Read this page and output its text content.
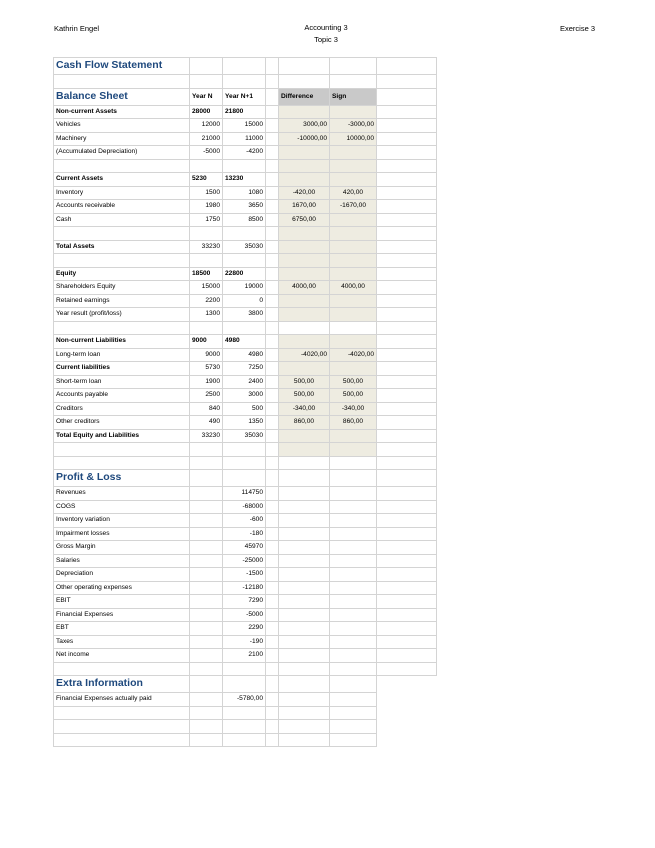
Kathrin Engel	Accounting 3
Topic 3
Exercise 3
Cash Flow Statement
Balance Sheet	Year N	Year N+1	Difference	Sign
Non-current Assets	28000	21800
Vehicles	12000	15000	3000,00	-3000,00
Machinery	21000	11000	-10000,00	10000,00
(Accumulated Depreciation)	-5000	-4200
Current Assets	5230	13230
Inventory	1500	1080	-420,00	420,00
Accounts receivable	1980	3650	1670,00	-1670,00
Cash	1750	8500	6750,00
Total Assets	33230	35030
Equity	18500	22800
Shareholders Equity	15000	19000	4000,00	4000,00
Retained earnings	2200	0
Year result (profit/loss)	1300	3800
Non-current Liabilities	9000	4980
Long-term loan	9000	4980	-4020,00	-4020,00
Current liabilities	5730	7250
Short-term loan	1900	2400	500,00	500,00
Accounts payable	2500	3000	500,00	500,00
Creditors	840	500	-340,00	-340,00
Other creditors	490	1350	860,00	860,00
Total Equity and Liabilities	33230	35030
Profit & Loss
Revenues	114750
COGS	-68000
Inventory variation	-600
Impairment losses	-180
Gross Margin	45970
Salaries	-25000
Depreciation	-1500
Other operating expenses	-12180
EBIT	7290
Financial Expenses	-5000
EBT	2290
Taxes	-190
Net income	2100
Extra Information
Financial Expenses actually paid	-5780,00
